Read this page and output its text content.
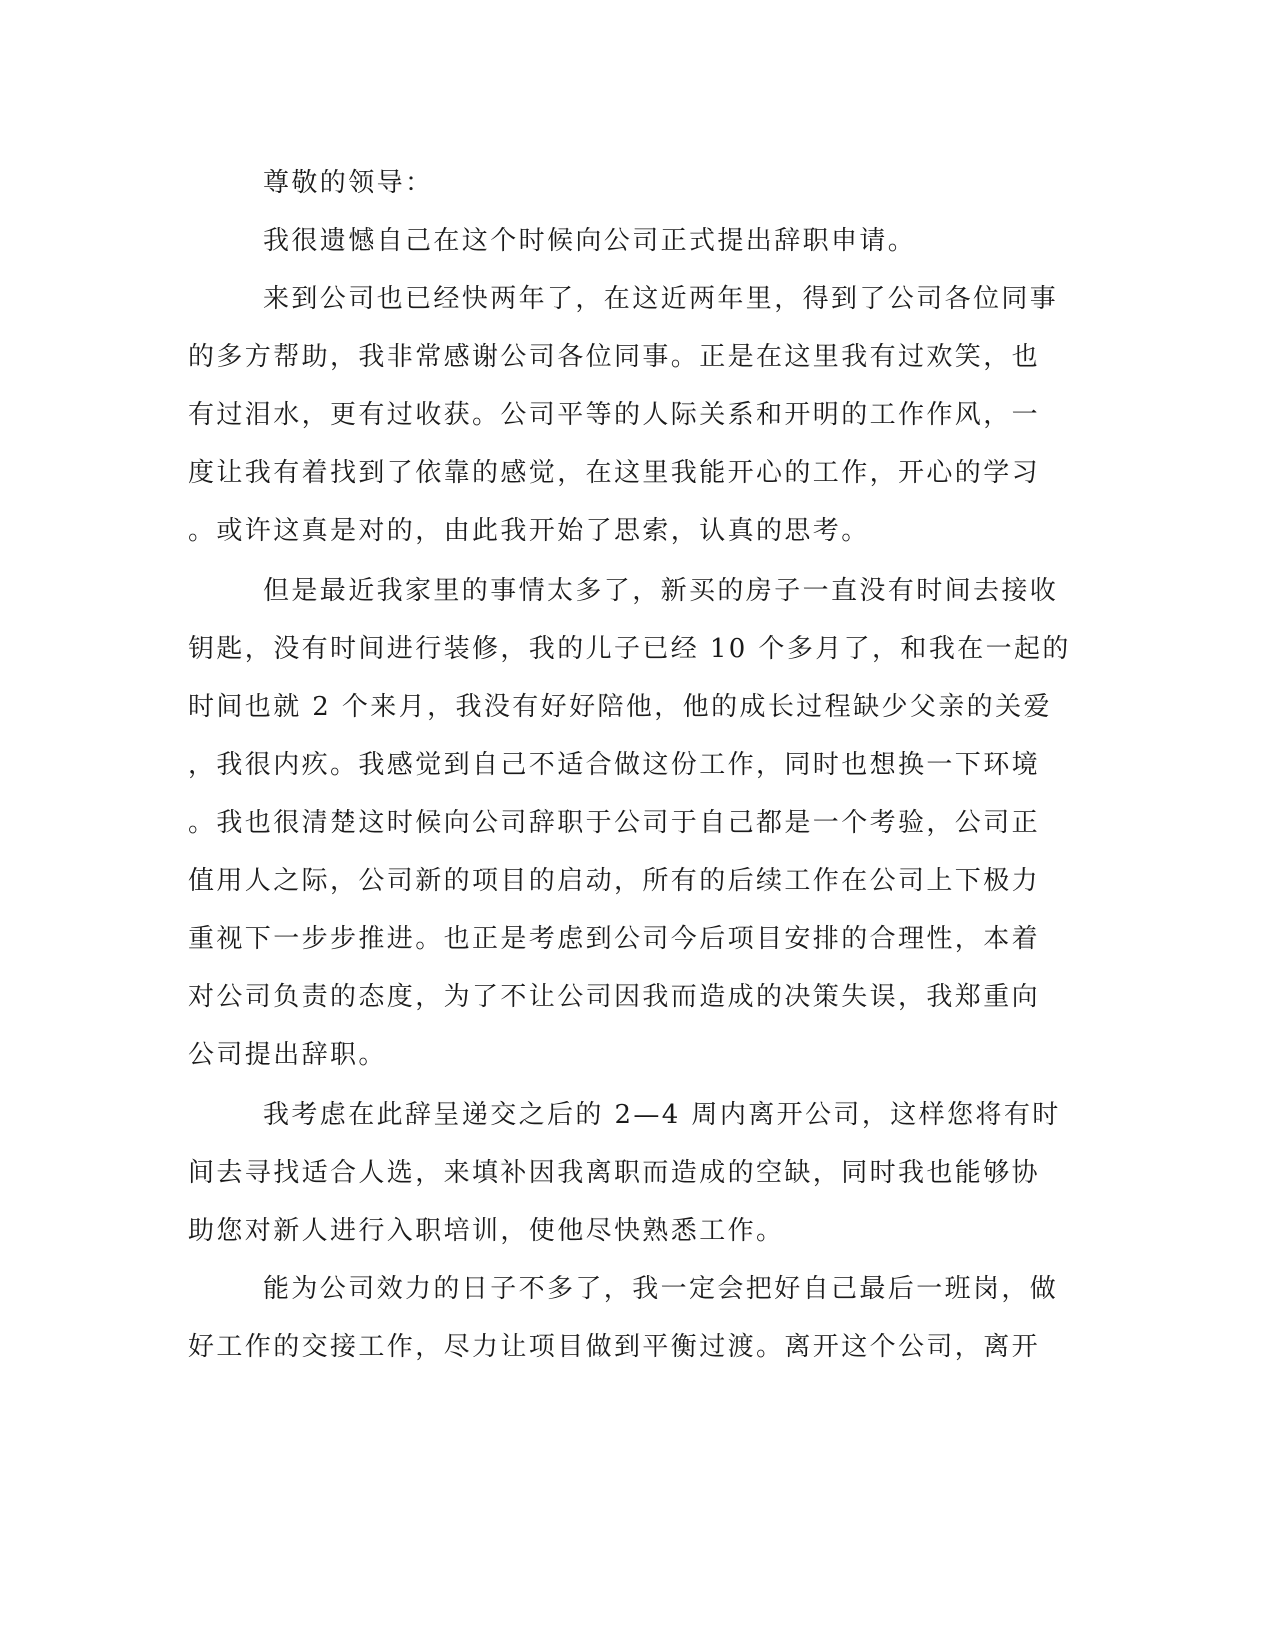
尊敬的领导：
我很遗憾自己在这个时候向公司正式提出辞职申请。
来到公司也已经快两年了，在这近两年里，得到了公司各位同事
的多方帮助，我非常感谢公司各位同事。正是在这里我有过欢笑，也
有过泪水，更有过收获。公司平等的人际关系和开明的工作作风，一
度让我有着找到了依靠的感觉，在这里我能开心的工作，开心的学习
。或许这真是对的，由此我开始了思索，认真的思考。
但是最近我家里的事情太多了，新买的房子一直没有时间去接收
钥匙，没有时间进行装修，我的儿子已经 10 个多月了，和我在一起的
时间也就 2 个来月，我没有好好陪他，他的成长过程缺少父亲的关爱
，我很内疚。我感觉到自己不适合做这份工作，同时也想换一下环境
。我也很清楚这时候向公司辞职于公司于自己都是一个考验，公司正
值用人之际，公司新的项目的启动，所有的后续工作在公司上下极力
重视下一步步推进。也正是考虑到公司今后项目安排的合理性，本着
对公司负责的态度，为了不让公司因我而造成的决策失误，我郑重向
公司提出辞职。
我考虑在此辞呈递交之后的 2—4 周内离开公司，这样您将有时
间去寻找适合人选，来填补因我离职而造成的空缺，同时我也能够协
助您对新人进行入职培训，使他尽快熟悉工作。
能为公司效力的日子不多了，我一定会把好自己最后一班岗，做
好工作的交接工作，尽力让项目做到平衡过渡。离开这个公司，离开
